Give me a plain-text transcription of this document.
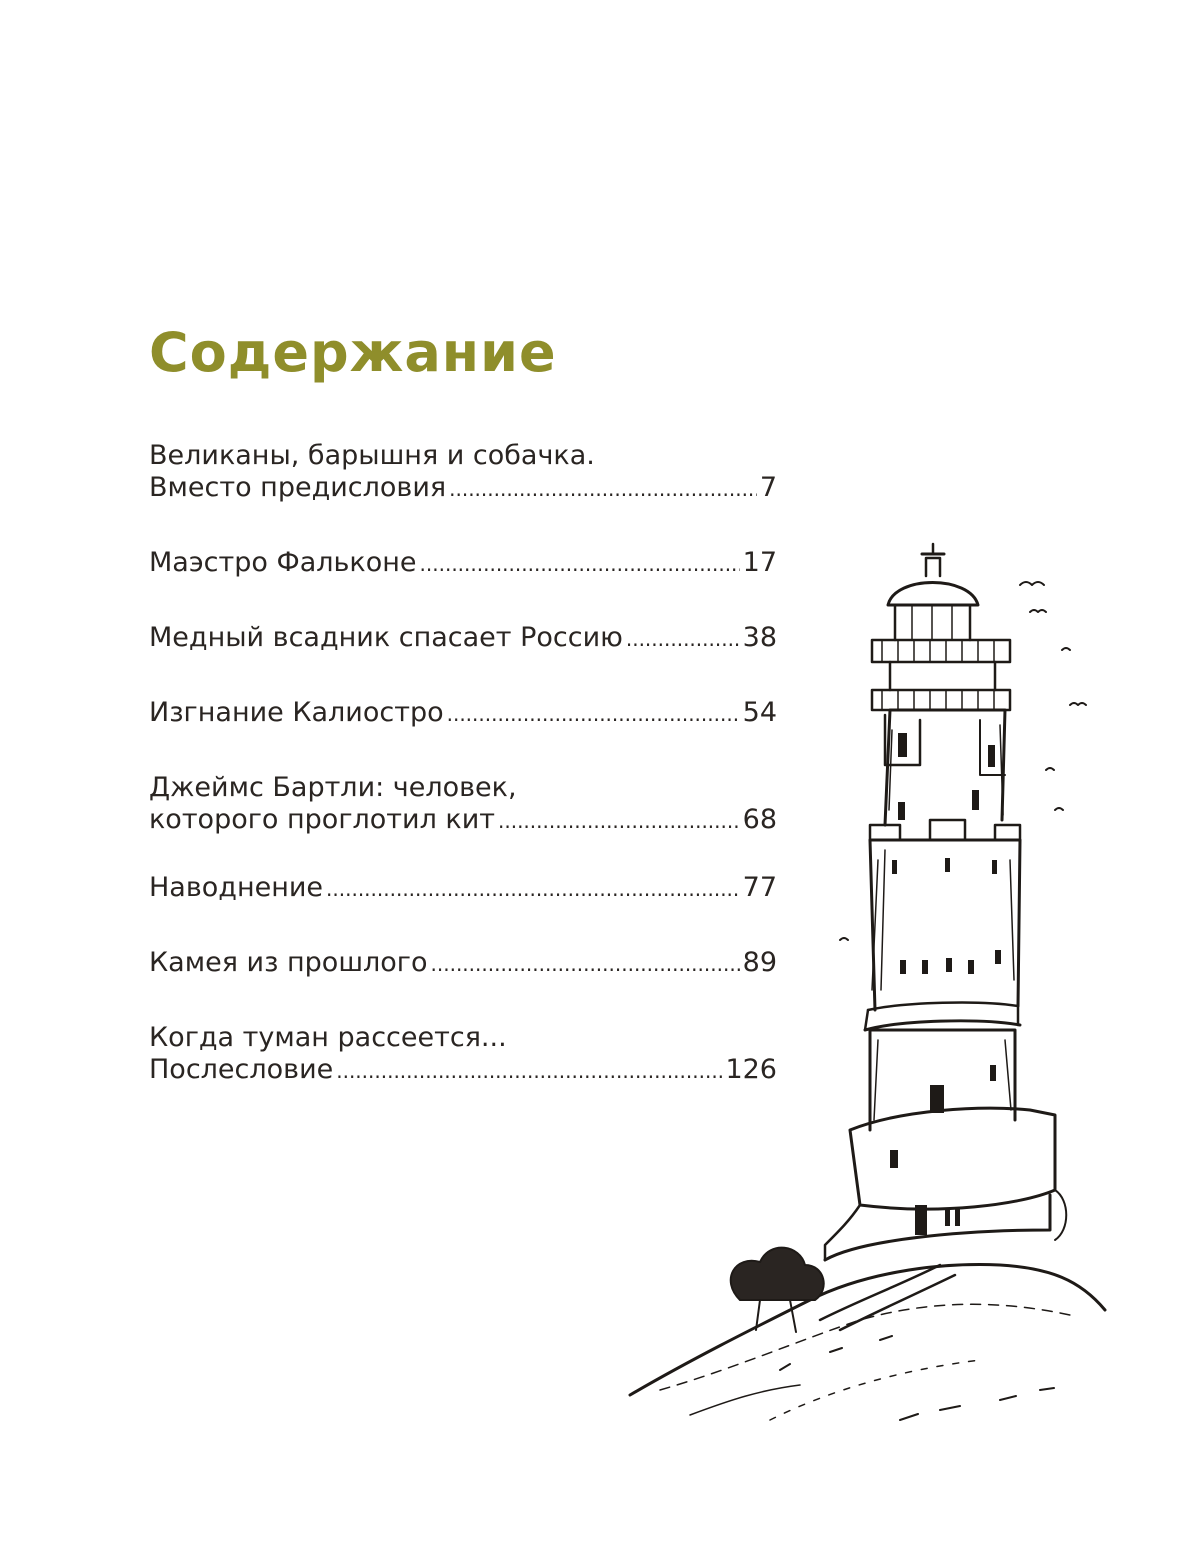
Содержание
Великаны, барышня и собачка.
Вместо предисловия .....	7
Маэстро Фальконе .....	17
Медный всадник спасает Россию .....	38
Изгнание Калиостро .....	54
Джеймс Бартли: человек,
которого проглотил кит .....	68
Наводнение .....	77
Камея из прошлого .....	89
Когда туман рассеется...
Послесловие .....	126
